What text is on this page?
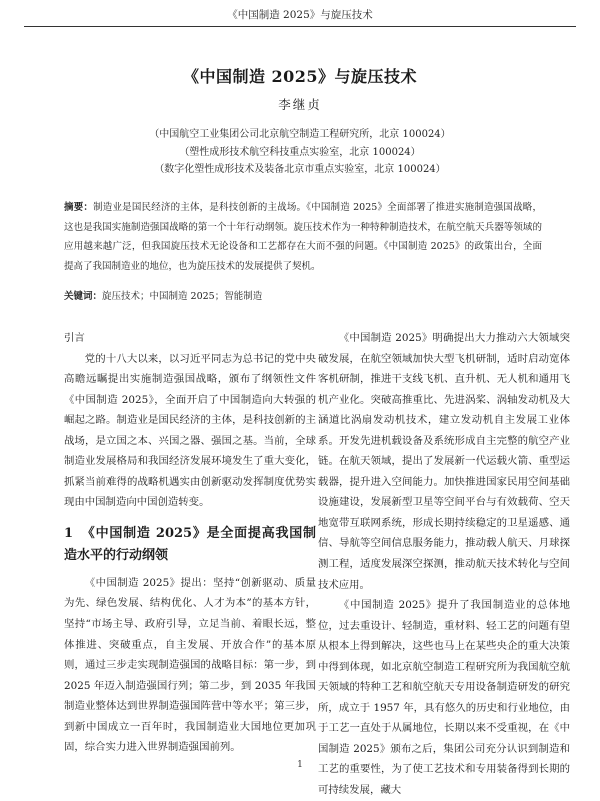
《中国制造 2025》与旋压技术
《中国制造 2025》与旋压技术
李继贞
（中国航空工业集团公司北京航空制造工程研究所，北京 100024）
（塑性成形技术航空科技重点实验室，北京 100024）
（数字化塑性成形技术及装备北京市重点实验室，北京 100024）
摘要：制造业是国民经济的主体，是科技创新的主战场。《中国制造 2025》全面部署了推进实施制造强国战略，这也是我国实施制造强国战略的第一个十年行动纲领。旋压技术作为一种特种制造技术，在航空航天兵器等领域的应用越来越广泛，但我国旋压技术无论设备和工艺都存在大而不强的问题。《中国制造 2025》的政策出台，全面提高了我国制造业的地位，也为旋压技术的发展提供了契机。
关键词：旋压技术；中国制造 2025；智能制造

引言

党的十八大以来，以习近平同志为总书记的党中央高瞻远瞩提出实施制造强国战略，颁布了纲领性文件《中国制造 2025》，全面开启了中国制造向大转强的崛起之路。制造业是国民经济的主体，是科技创新的主战场，是立国之本、兴国之器、强国之基。当前，全球制造业发展格局和我国经济发展环境发生了重大变化，抓紧当前难得的战略机遇实由创新驱动发挥制度优势实现由中国制造向中国创造转变。

1 《中国制造 2025》是全面提高我国制造水平的行动纲领

《中国制造 2025》提出：坚持“创新驱动、质量为先、绿色发展、结构优化、人才为本”的基本方针，坚持“市场主导、政府引导，立足当前、着眼长远，整体推进、突破重点，自主发展、开放合作”的基本原则，通过三步走实现制造强国的战略目标：第一步，到 2025 年迈入制造强国行列；第二步，到 2035 年我国制造业整体达到世界制造强国阵营中等水平；第三步，到新中国成立一百年时，我国制造业大国地位更加巩固，综合实力进入世界制造强国前列。

《中国制造 2025》明确提出大力推动六大领域突破发展，在航空领域加快大型飞机研制，适时启动宽体客机研制，推进干支线飞机、直升机、无人机和通用飞机产业化。突破高推重比、先进涡桨、涡轴发动机及大涵道比涡扇发动机技术，建立发动机自主发展工业体系。开发先进机载设备及系统形成自主完整的航空产业链。在航天领域，提出了发展新一代运载火箭、重型运载器，提升进入空间能力。加快推进国家民用空间基础设施建设，发展新型卫星等空间平台与有效载荷、空天地宽带互联网系统，形成长期持续稳定的卫星遥感、通信、导航等空间信息服务能力，推动载人航天、月球探测工程，适度发展深空探测，推动航天技术转化与空间技术应用。

《中国制造 2025》提升了我国制造业的总体地位，过去重设计、轻制造，重材料、轻工艺的问题有望从根本上得到解决，这些也马上在某些央企的重大决策中得到体现，如北京航空制造工程研究所为我国航空航天领域的特种工艺和航空航天专用设备制造研发的研究所，成立于 1957 年，具有悠久的历史和行业地位，由于工艺一直处于从属地位，长期以来不受重视，在《中国制造 2025》颁布之后，集团公司充分认识到制造和工艺的重要性，为了使工艺技术和专用装备得到长期的可持续发展，藏大

1
